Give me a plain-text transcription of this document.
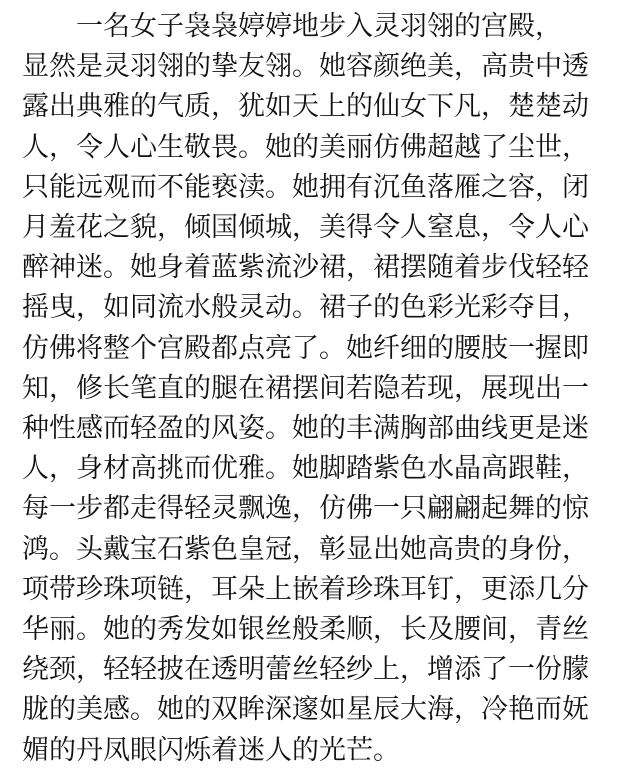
一名女子袅袅婷婷地步入灵羽翎的宫殿，
显然是灵羽翎的挚友翎。她容颜绝美，高贵中透
露出典雅的气质，犹如天上的仙女下凡，楚楚动
人，令人心生敬畏。她的美丽仿佛超越了尘世，
只能远观而不能亵渎。她拥有沉鱼落雁之容，闭
月羞花之貌，倾国倾城，美得令人窒息，令人心
醉神迷。她身着蓝紫流沙裙，裙摆随着步伐轻轻
摇曳，如同流水般灵动。裙子的色彩光彩夺目，
仿佛将整个宫殿都点亮了。她纤细的腰肢一握即
知，修长笔直的腿在裙摆间若隐若现，展现出一
种性感而轻盈的风姿。她的丰满胸部曲线更是迷
人，身材高挑而优雅。她脚踏紫色水晶高跟鞋，
每一步都走得轻灵飘逸，仿佛一只翩翩起舞的惊
鸿。头戴宝石紫色皇冠，彰显出她高贵的身份，
项带珍珠项链，耳朵上嵌着珍珠耳钉，更添几分
华丽。她的秀发如银丝般柔顺，长及腰间，青丝
绕颈，轻轻披在透明蕾丝轻纱上，增添了一份朦
胧的美感。她的双眸深邃如星辰大海，冷艳而妩
媚的丹凤眼闪烁着迷人的光芒。
